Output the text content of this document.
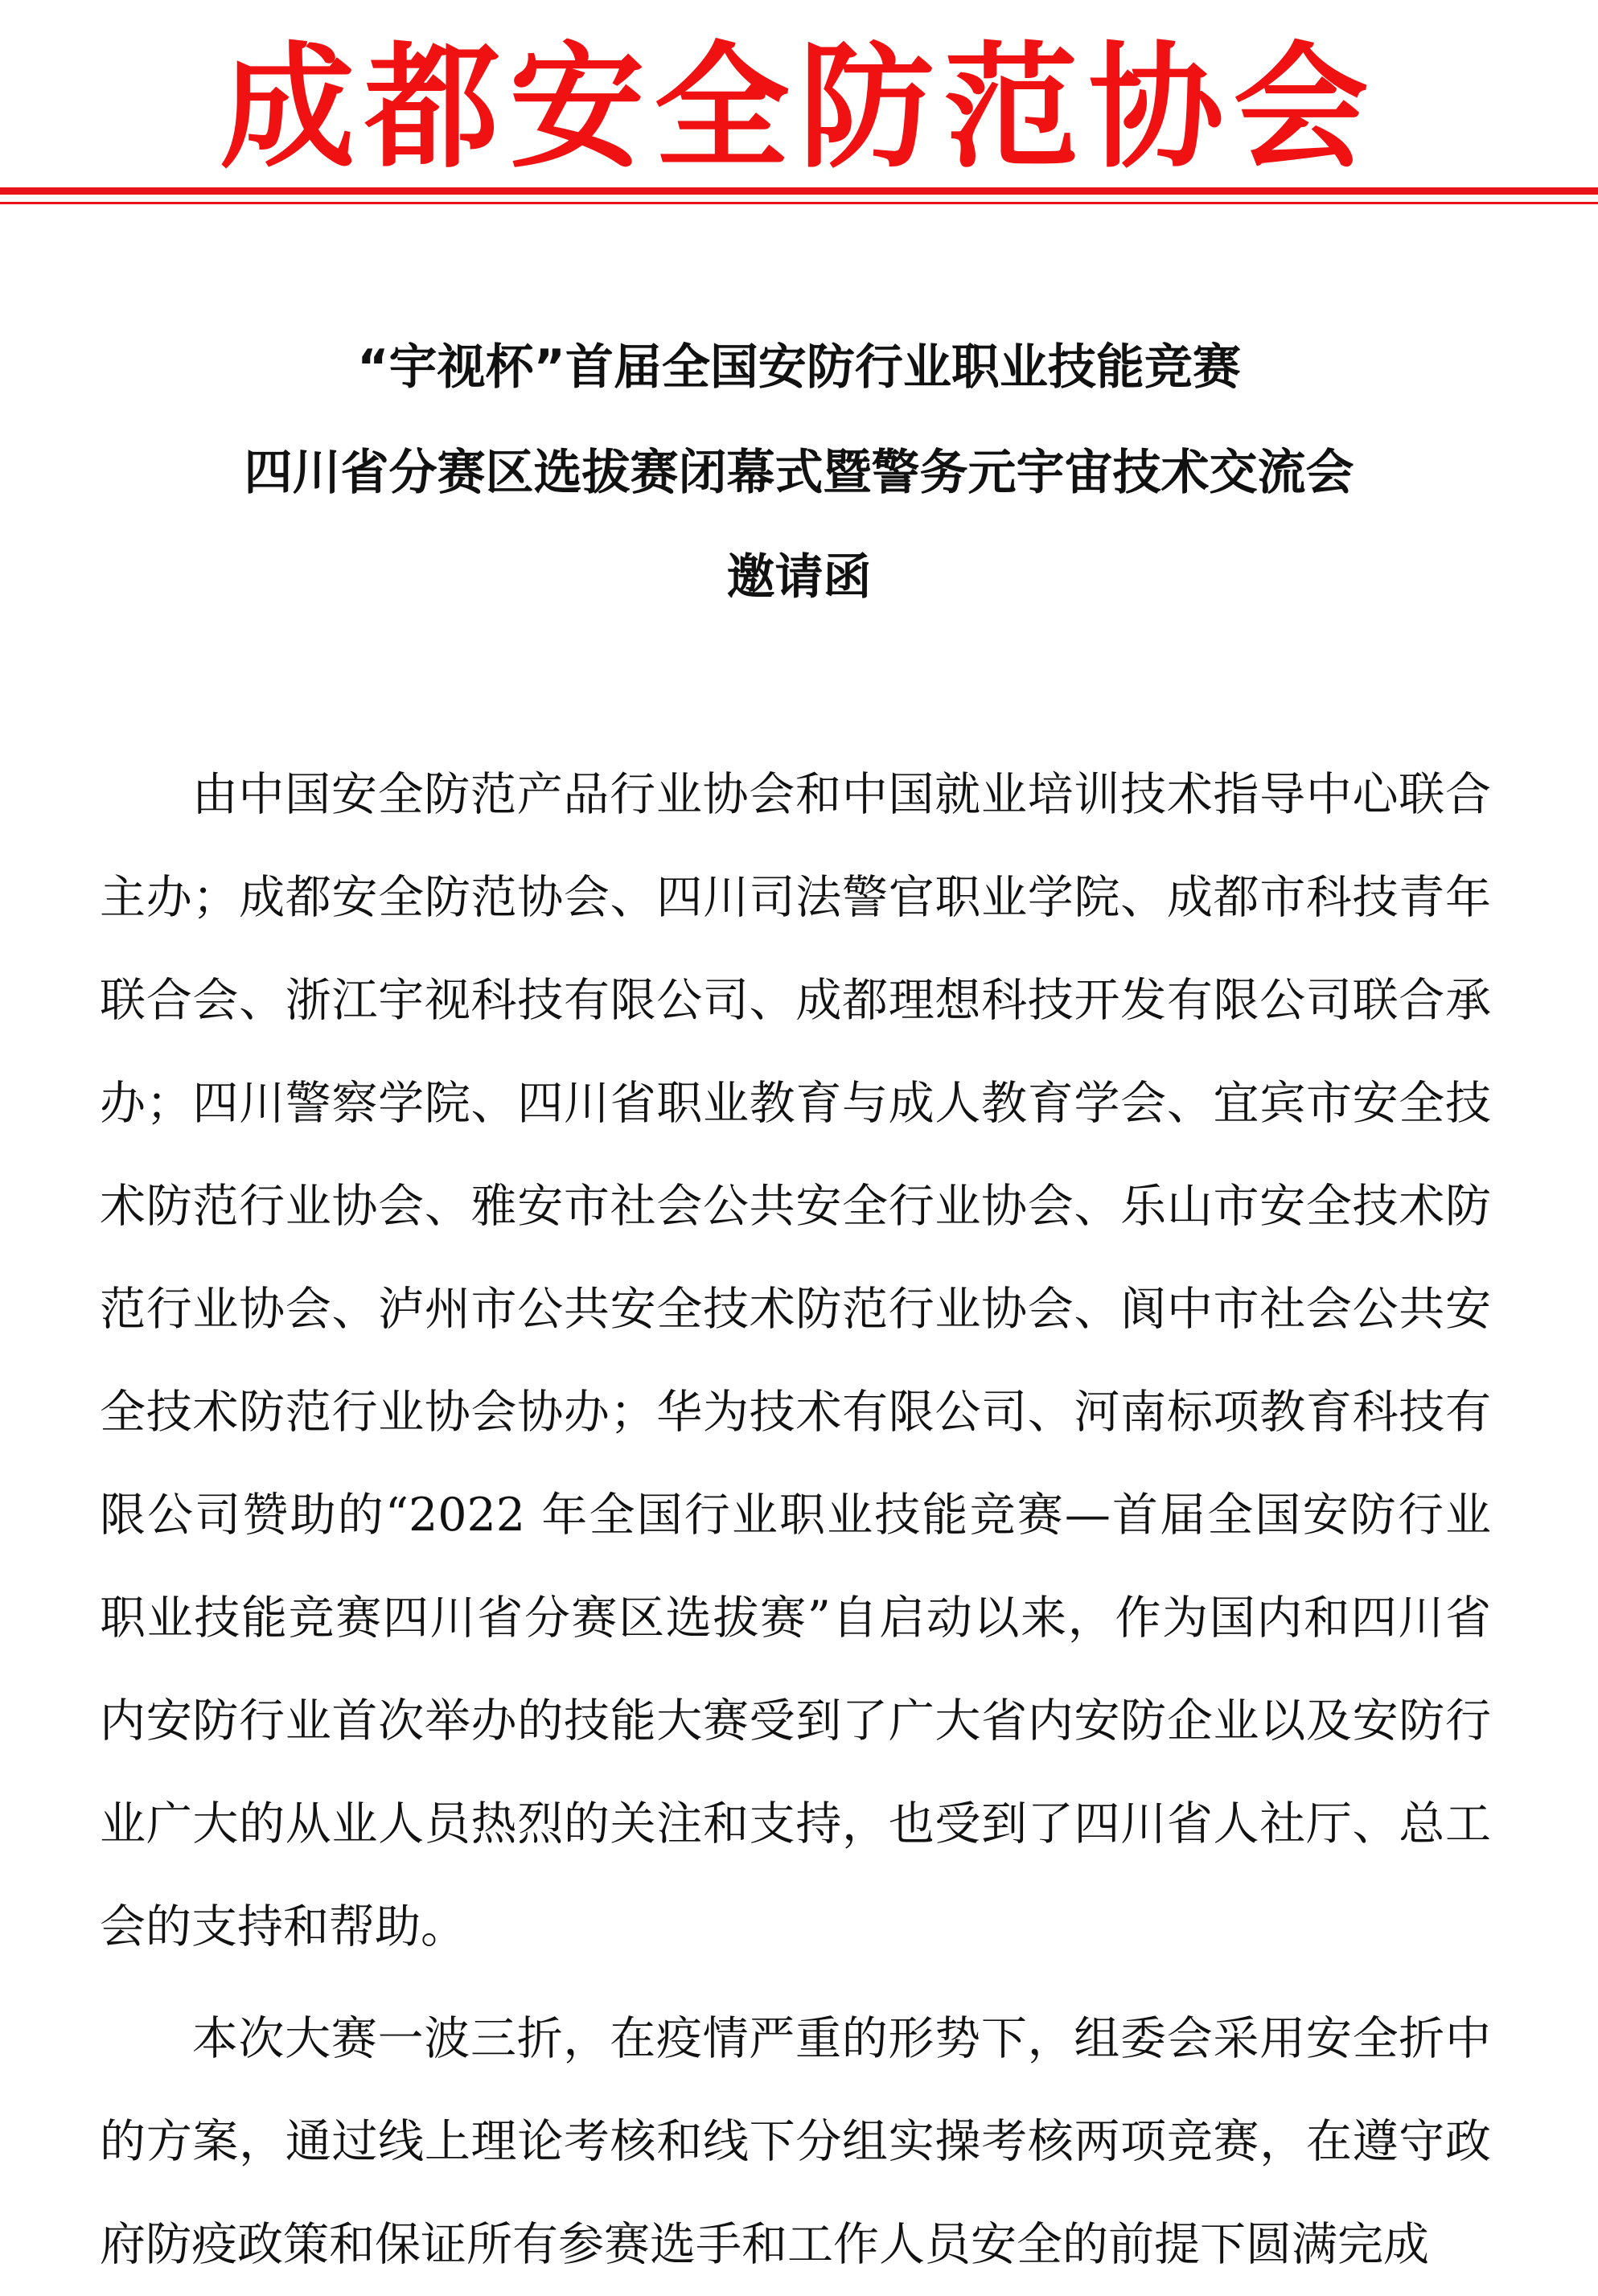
成都安全防范协会
“宇视杯”首届全国安防行业职业技能竞赛
四川省分赛区选拔赛闭幕式暨警务元宇宙技术交流会
邀请函

由中国安全防范产品行业协会和中国就业培训技术指导中心联合主办；成都安全防范协会、四川司法警官职业学院、成都市科技青年联合会、浙江宇视科技有限公司、成都理想科技开发有限公司联合承办；四川警察学院、四川省职业教育与成人教育学会、宜宾市安全技术防范行业协会、雅安市社会公共安全行业协会、乐山市安全技术防范行业协会、泸州市公共安全技术防范行业协会、阆中市社会公共安全技术防范行业协会协办；华为技术有限公司、河南标项教育科技有限公司赞助的“2022 年全国行业职业技能竞赛—首届全国安防行业职业技能竞赛四川省分赛区选拔赛”自启动以来，作为国内和四川省内安防行业首次举办的技能大赛受到了广大省内安防企业以及安防行业广大的从业人员热烈的关注和支持，也受到了四川省人社厅、总工会的支持和帮助。

本次大赛一波三折，在疫情严重的形势下，组委会采用安全折中的方案，通过线上理论考核和线下分组实操考核两项竞赛，在遵守政府防疫政策和保证所有参赛选手和工作人员安全的前提下圆满完成
